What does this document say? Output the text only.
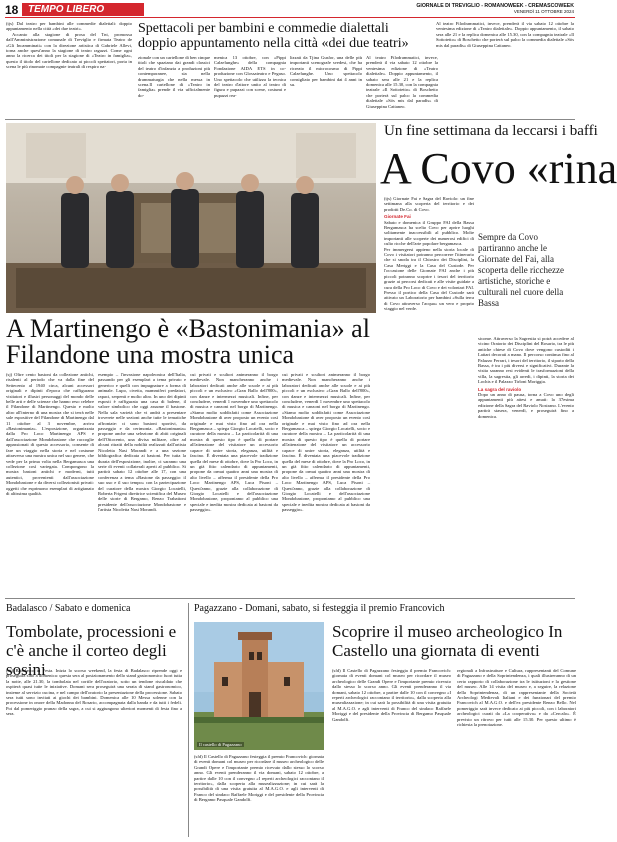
18 TEMPO LIBERO	GIORNALE DI TREVIGLIO - ROMANOWEEK - CREMASCOWEEK
VENERDÌ 11 OTTOBRE 2024

(tjs) Dal teatro per bambini alle commedie dialettali: doppio appuntamento nella città «dei due teatri».

Accanto alla stagione di prosa del Tnt, promossa dall'Amministrazione comunale di Treviglio e firmata Teatro de «Gli Incamminati» con la direzione artistica di Gabriele Allevi, torna anche quest'anno la stagione di teatro ragazzi. Come ogni anno la ricerca dei titoli per la stagione di «Teatro in famiglia», questo il titolo del cartellone dedicato ai piccoli spettatori, porta in scena le più rinomate compagnie teatrali di respiro na-

Spettacoli per bambini e commedie dialettali doppio appuntamento nella città «dei due teatri»

zionale con un cartellone di ben cinque titoli che spaziano dai grandi classici del teatro d'infanzia a produzioni più contemporanee, sia nella drammaturgia che nella messa in scena.Il cartellone di «Teatro in famiglia» prende il via ufficialmente do-

menica 13 ottobre, con «Pippi Calzelunghe» della compagnia Fondazione AIDA ETS in co-produzione con Glossateatro e Pegaso. Uno spettacolo che utilizza la tecnica del teatro d'attore unito al teatro di figura e pupazzi con scene, costumi e pupazzi rea-

lizzati da Tjina Gusfor, una delle più importanti scenografe svedesi, che ha ricreato il microcosmo di Pippi Calzelunghe. Uno spettacolo consigliato per bambini dai 4 anni in su.

Al teatro Filodrammatici, invece, prenderà il via sabato 12 ottobre la ventesima edizione di «Teatro dialettale». Doppio appuntamento, il sabato sera alle 21 e la replica domenica alle 15.30, con la compagnia teatrale «Il Sottotetto» di Boschetto che porterà sul palco la commedia dialettale «Sös mis dal paradìs» di Giuseppina Cattaneo.

Al teatro Filodrammatici, invece, prenderà il via sabato 12 ottobre la ventesima edizione di «Teatro dialettale». Doppio appuntamento, il sabato sera alle 21 e la replica domenica alle 15.30, con la compagnia teatrale «Il Sottotetto» di Boschetto che porterà sul palco la commedia dialettale «Sös mis dal paradìs» di Giuseppina Cattaneo.

A Martinengo è «Bastonimania» al Filandone una mostra unica

(sj) Oltre cento bastoni da collezione antichi, risalenti al periodo che va dalla fine del Settecento al 1940 circa, alcuni accessori originali e dipinti d'epoca che raffigurano visitatori e illustri personaggi del mondo delle belle arti e delle scienze che hanno reso celebre il Filandone di Martinengo. Questo e molto altro all'interno di una mostra che si terrà nelle sale espositive del Filandone di Martinengo dal 11 ottobre al 3 novembre, arriva «Bastonimania». L'esposizione, organizzata dalla Pro Loco Martinengo APS e dall'associazione Mondobastone che raccoglie appassionati di questo accessorio, consente di fare un viaggio nella storia e nel costume attraverso una mostra unica nel suo genere, che vede per la prima volta nella Bergamasca una collezione così variegata. Compongono la mostra bastoni antichi e moderni, tutti autentici, provenienti dall'associazione Mondobastone e da diversi collezionisti privati: oggetti che esprimono esemplari di artigianato di altissima qualità.

esempio – l'invasione napoleonica dell'Italia, passando per gli esemplari a tema privato e generico e quelli con impugnature a forma di animale. Lupo, civetta, mammiferi predatori, rapaci, serpenti e molto altro. In uno dei dipinti esposti è raffigurata una casa di balene, il valore simbolico che oggi assume il bastone. Nella sala varietà che vi andrà a presentare troverete nelle sezioni anche tutte le tematiche affrontate: ci sono bastoni sportivi, da passeggio e da cerimonia. «Bastonimania» propone anche una selezione di abiti originali dell'Ottocento, una divisa militare, oltre ad alcuni ritratti della nobiltà realizzati dall'artista Nicoletta Nasi Morandi e a una sezione bibliografica dedicata ai bastoni. Per tutta la durata dell'esposizione, inoltre, ci saranno una serie di eventi collaterali aperti al pubblico. Si partirà sabato 12 ottobre alle 17, con una conferenza a tema «Bastone da passeggio: il suo uso e il suo tempo» con la partecipazione del curatore della mostra Giorgio Locatelli, Roberta Frigeni direttrice scientifica del Museo delle storie di Bergamo, Renzo Trabattoni presidente dell'associazione Mondobastone e l'artista Nicoletta Nasi Morandi.

cui privati e scultori animeranno il borgo medievale. Non mancheranno anche i laboratori dedicati anche alle scuole e ai più piccoli e un esclusivo «Gran Ballo dell'800», con danze e intermezzi musicali. Infine, per concludere, venerdì 1 novembre uno spettacolo di musica e canzoni nel borgo di Martinengo. «Siamo molto soddisfatti come Associazione Mondobastone di aver proposto un evento così originale e mai visto fino ad ora nella Bergamasca – spiega Giorgio Locatelli, socio e curatore della mostra – La particolarità di una mostra di questo tipo è quella di portare all'attenzione del visitatore un accessorio capace di unire storia, eleganza, utilità e fascino. È diventata una piacevole tradizione quella del mese di ottobre, dove la Pro Loco, in un già fitto calendario di appuntamenti, propone da ormai quattro anni una mostra di alto livello – afferma il presidente della Pro Loco Martinengo APS, Luca Pisoni – Quest'anno, grazie alla collaborazione di Giorgio Locatelli e dell'associazione Mondobastone, proponiamo al pubblico una speciale e inedita mostra dedicata ai bastoni da passeggio».

cui privati e scultori animeranno il borgo medievale. Non mancheranno anche i laboratori dedicati anche alle scuole e ai più piccoli e un esclusivo «Gran Ballo dell'800», con danze e intermezzi musicali. Infine, per concludere, venerdì 1 novembre uno spettacolo di musica e canzoni nel borgo di Martinengo. «Siamo molto soddisfatti come Associazione Mondobastone di aver proposto un evento così originale e mai visto fino ad ora nella Bergamasca – spiega Giorgio Locatelli, socio e curatore della mostra – La particolarità di una mostra di questo tipo è quella di portare all'attenzione del visitatore un accessorio capace di unire storia, eleganza, utilità e fascino. È diventata una piacevole tradizione quella del mese di ottobre, dove la Pro Loco, in un già fitto calendario di appuntamenti, propone da ormai quattro anni una mostra di alto livello – afferma il presidente della Pro Loco Martinengo APS, Luca Pisoni – Quest'anno, grazie alla collaborazione di Giorgio Locatelli e dell'associazione Mondobastone, proponiamo al pubblico una speciale e inedita mostra dedicata ai bastoni da passeggio».

Un fine settimana da leccarsi i baffi
A Covo «rina

(tjs) Giornate Fai e Sagra del Raviolo: un fine settimana alla scoperta del territorio e dei prodotti De.Co. di Covo.

Giornate Fai

Sabato e domenica il Gruppo FAI della Bassa Bergamasca ha scelto Covo per aprire luoghi solitamente inaccessibili al pubblico. Molte importanti alle scoperte dei numerosi edifici di culto ricche dell'arte popolare bergamasca.

Per immergersi appieno nella storia locale di Covo i visitatori potranno percorrere l'itinerario che si snoda tra il Chiostro dei Disciplini, la Casa Meriggi e la Casa del Custode. Per l'occasione delle Giornate FAI anche i più piccoli potranno scoprire i tesori del territorio grazie ai percorsi dedicati e alle visite guidate a cura della Pro Loco di Covo e dei volontari FAI. Presso il portico della Casa del Custode sarà attivato un Laboratorio per bambini «Sulla terra di Covo attraverso l'acqua» un vero e proprio viaggio nel verde.

Sempre da Covo partiranno anche le Giornate del Fai, alla scoperta delle ricchezze artistiche, storiche e culturali nel cuore della Bassa

sicome. Attraverso la Sagrestia si potrà accedere al vicino Oratorio dei Disciplini del Rosario, tra le più antiche chiese di Covo dove vengono custoditi i Lattari decorati a mano. Il percorso continua fino al Palazzo Ferrari, i tesori del territorio, il sipario della Bassa, è tra i più diversi e significativi. Durante la visita saranno resi evidenti le trasformazioni della villa, la sagrestia, gli arredi, i dipinti, la storia dei Lochis e il Palazzo Tirloni Moriggia.

La sagra del raviolo

Dopo un anno di pausa, torna a Covo uno degli appuntamenti più attesi e amati: la 37esima edizione della Sagra del Raviolo Nostrano. L'evento partirà stasera, venerdì, e proseguirà fino a domenica.

Badalasco / Sabato e domenica
Tombolate, processioni e c'è anche il corteo degli sosini

(rtt) Badalasco in Festa. Inizia lo scorso weekend, la festa di Badalasco riprende oggi e proseguirà sino a domenica: questa sera al posizionamento dello stand gastronomico fuori tutta la notte, alle 21.30, la tombolata nel cortile dell'oratorio, sotto un tendone riscaldato che ospiterà quasi tutte le iniziative. Domani sera proseguirà una serata di stand gastronomico, insieme al servizio cucina, e nel campo dell'oratorio la presentazione della processione. Sabato sera tutti sono invitati ai giochi dei bambini. Domenica alle 10 Messa solenne con la processione in onore della Madonna del Rosario, accompagnata dalla banda e da tutti i fedeli. Poi dal pomeriggio pranzo della sagra, a cui si aggiungono ulteriori momenti di festa fino a sera.

Pagazzano - Domani, sabato, si festeggia il premio Francovich
Il castello di Pagazzano
Scoprire il museo archeologico In Castello una giornata di eventi

(sfd) Il Castello di Pagazzano festeggia il premio Francovich: giornata di eventi domani col museo per ricordare il museo archeologico delle Grandi Opere e l'importante premio ricevuto dallo stesso lo scorso anno. Gli eventi prenderanno il via domani, sabato 12 ottobre, a partire dalle 10 con il convegno «I reperti archeologici raccontano il territorio», dalla scoperta alla musealizzazione; in cui sarà la possibilità di una visita gratuita al M.A.G.O. e agli interventi di Franco del sindaco Raffaele Moriggi e del presidente della Provincia di Bergamo Pasquale Gandolfi.

regionali a Infrastrutture e Cultura, rappresentanti del Comune di Pagazzano e della Soprintendenza, i quali illustreranno di un certo rapporto di collaborazione tra le istituzioni e la gestione del museo. Alle 14 visita del museo e, a seguire, la relazione della Soprintendenza, di un rappresentante della Società Archeologi Medievali Italiani e dei funzionari del premio Francovich al M.A.G.O. e dell'ex presidente Renzo Bello. Nel pomeriggio sarà invece dedicato ai più piccoli, con i laboratori archeologici curati da «La cooperativa» e da «Cercalo». È previsto un ritrovo per tutti alle 15.30. Per questo ultimo è richiesta la prenotazione.

(sfd) Il Castello di Pagazzano festeggia il premio Francovich: giornata di eventi domani col museo per ricordare il museo archeologico delle Grandi Opere e l'importante premio ricevuto dallo stesso lo scorso anno. Gli eventi prenderanno il via domani, sabato 12 ottobre, a partire dalle 10 con il convegno «I reperti archeologici raccontano il territorio», dalla scoperta alla musealizzazione; in cui sarà la possibilità di una visita gratuita al M.A.G.O. e agli interventi di Franco del sindaco Raffaele Moriggi e del presidente della Provincia di Bergamo Pasquale Gandolfi.
